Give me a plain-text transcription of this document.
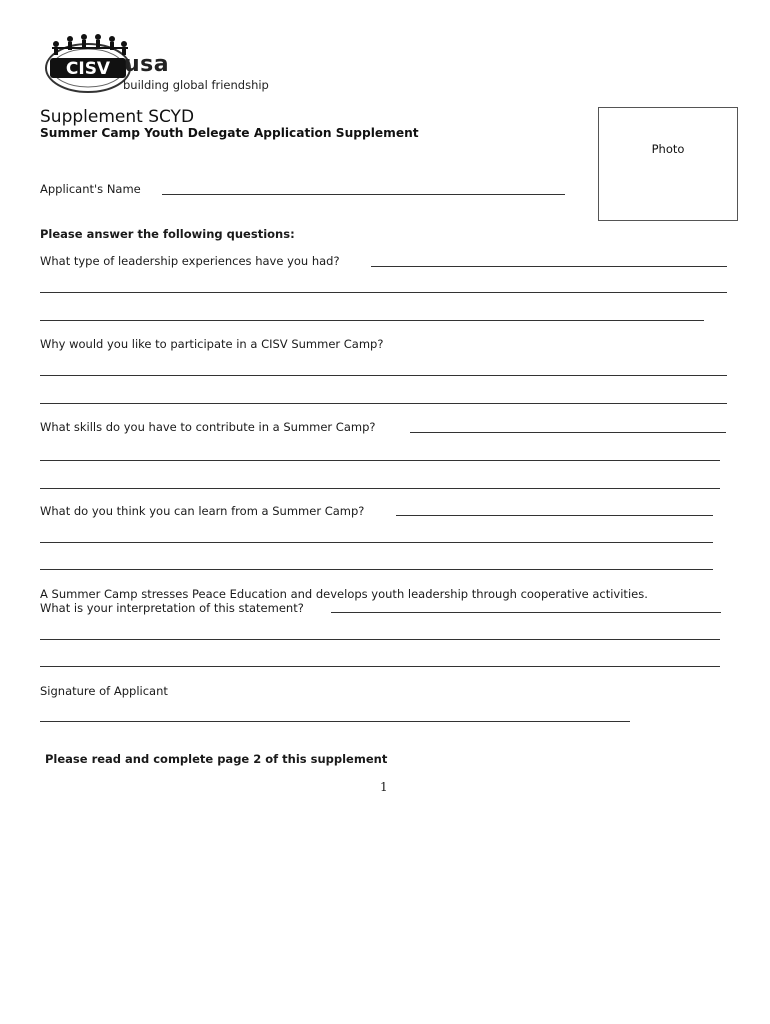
CISV usa
building global friendship
Supplement SCYD
Summer Camp Youth Delegate Application Supplement
Photo
Applicant's Name
Please answer the following questions:
What type of leadership experiences have you had?
Why would you like to participate in a CISV Summer Camp?
What skills do you have to contribute in a Summer Camp?
What do you think you can learn from a Summer Camp?
A Summer Camp stresses Peace Education and develops youth leadership through cooperative activities.
What is your interpretation of this statement?
Signature of Applicant
Please read and complete page 2 of this supplement
1
